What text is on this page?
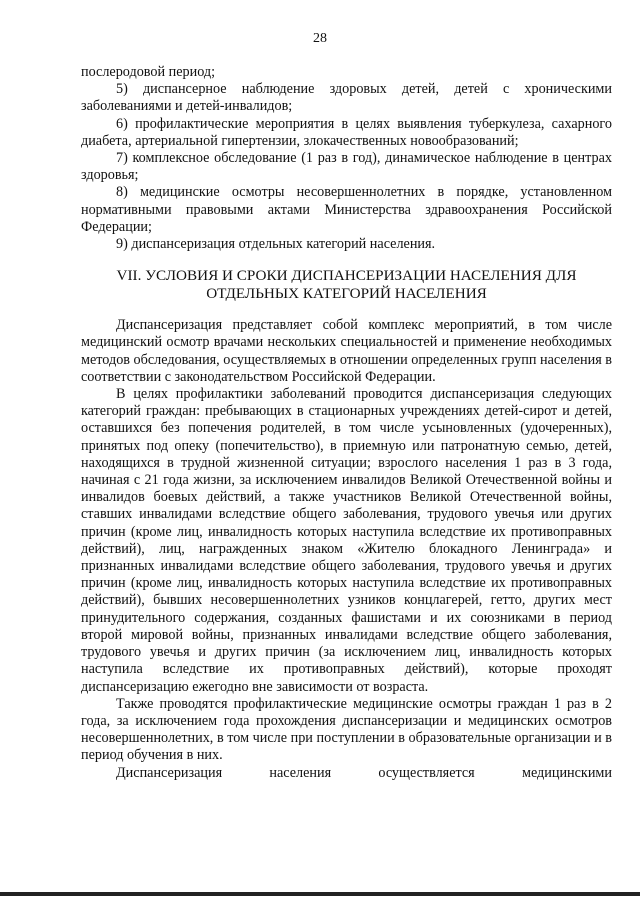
28

послеродовой период;

5) диспансерное наблюдение здоровых детей, детей с хроническими заболеваниями и детей-инвалидов;

6) профилактические мероприятия в целях выявления туберкулеза, сахарного диабета, артериальной гипертензии, злокачественных новообразований;

7) комплексное обследование (1 раз в год), динамическое наблюдение в центрах здоровья;

8) медицинские осмотры несовершеннолетних в порядке, установленном нормативными правовыми актами Министерства здравоохранения Российской Федерации;

9) диспансеризация отдельных категорий населения.

VII. УСЛОВИЯ И СРОКИ ДИСПАНСЕРИЗАЦИИ НАСЕЛЕНИЯ ДЛЯ ОТДЕЛЬНЫХ КАТЕГОРИЙ НАСЕЛЕНИЯ

Диспансеризация представляет собой комплекс мероприятий, в том числе медицинский осмотр врачами нескольких специальностей и применение необходимых методов обследования, осуществляемых в отношении определенных групп населения в соответствии с законодательством Российской Федерации.

В целях профилактики заболеваний проводится диспансеризация следующих категорий граждан: пребывающих в стационарных учреждениях детей-сирот и детей, оставшихся без попечения родителей, в том числе усыновленных (удочеренных), принятых под опеку (попечительство), в приемную или патронатную семью, детей, находящихся в трудной жизненной ситуации; взрослого населения 1 раз в 3 года, начиная с 21 года жизни, за исключением инвалидов Великой Отечественной войны и инвалидов боевых действий, а также участников Великой Отечественной войны, ставших инвалидами вследствие общего заболевания, трудового увечья или других причин (кроме лиц, инвалидность которых наступила вследствие их противоправных действий), лиц, награжденных знаком «Жителю блокадного Ленинграда» и признанных инвалидами вследствие общего заболевания, трудового увечья и других причин (кроме лиц, инвалидность которых наступила вследствие их противоправных действий), бывших несовершеннолетних узников концлагерей, гетто, других мест принудительного содержания, созданных фашистами и их союзниками в период второй мировой войны, признанных инвалидами вследствие общего заболевания, трудового увечья и других причин (за исключением лиц, инвалидность которых наступила вследствие их противоправных действий), которые проходят диспансеризацию ежегодно вне зависимости от возраста.

Также проводятся профилактические медицинские осмотры граждан 1 раз в 2 года, за исключением года прохождения диспансеризации и медицинских осмотров несовершеннолетних, в том числе при поступлении в образовательные организации и в период обучения в них.

Диспансеризация населения осуществляется медицинскими
